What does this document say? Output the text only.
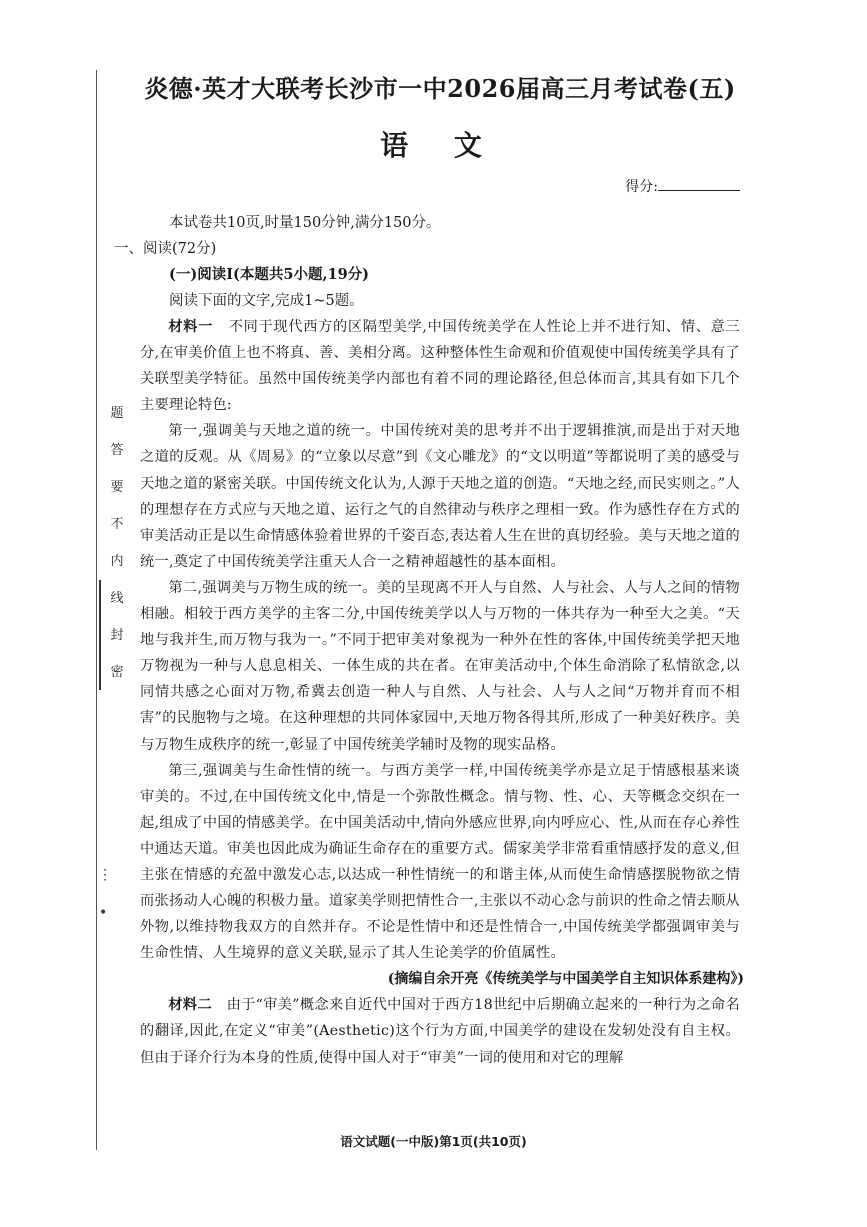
题
答
要
不
内
线
封
密
⋮
•
炎德·英才大联考长沙市一中2026届高三月考试卷(五)
语 文
得分:
本试卷共10页,时量150分钟,满分150分。
一、阅读(72分)
(一)阅读Ⅰ(本题共5小题,19分)
阅读下面的文字,完成1~5题。

材料一 不同于现代西方的区隔型美学,中国传统美学在人性论上并不进行知、情、意三分,在审美价值上也不将真、善、美相分离。这种整体性生命观和价值观使中国传统美学具有了关联型美学特征。虽然中国传统美学内部也有着不同的理论路径,但总体而言,其具有如下几个主要理论特色:

第一,强调美与天地之道的统一。中国传统对美的思考并不出于逻辑推演,而是出于对天地之道的反观。从《周易》的“立象以尽意”到《文心雕龙》的“文以明道”等都说明了美的感受与天地之道的紧密关联。中国传统文化认为,人源于天地之道的创造。“天地之经,而民实则之。”人的理想存在方式应与天地之道、运行之气的自然律动与秩序之理相一致。作为感性存在方式的审美活动正是以生命情感体验着世界的千姿百态,表达着人生在世的真切经验。美与天地之道的统一,奠定了中国传统美学注重天人合一之精神超越性的基本面相。

第二,强调美与万物生成的统一。美的呈现离不开人与自然、人与社会、人与人之间的情物相融。相较于西方美学的主客二分,中国传统美学以人与万物的一体共存为一种至大之美。“天地与我并生,而万物与我为一。”不同于把审美对象视为一种外在性的客体,中国传统美学把天地万物视为一种与人息息相关、一体生成的共在者。在审美活动中,个体生命消除了私情欲念,以同情共感之心面对万物,希冀去创造一种人与自然、人与社会、人与人之间“万物并育而不相害”的民胞物与之境。在这种理想的共同体家园中,天地万物各得其所,形成了一种美好秩序。美与万物生成秩序的统一,彰显了中国传统美学辅时及物的现实品格。

第三,强调美与生命性情的统一。与西方美学一样,中国传统美学亦是立足于情感根基来谈审美的。不过,在中国传统文化中,情是一个弥散性概念。情与物、性、心、天等概念交织在一起,组成了中国的情感美学。在中国美活动中,情向外感应世界,向内呼应心、性,从而在存心养性中通达天道。审美也因此成为确证生命存在的重要方式。儒家美学非常看重情感抒发的意义,但主张在情感的充盈中激发心志,以达成一种性情统一的和谐主体,从而使生命情感摆脱物欲之情而张扬动人心魄的积极力量。道家美学则把情性合一,主张以不动心念与前识的性命之情去顺从外物,以维持物我双方的自然并存。不论是性情中和还是性情合一,中国传统美学都强调审美与生命性情、人生境界的意义关联,显示了其人生论美学的价值属性。

(摘编自余开亮《传统美学与中国美学自主知识体系建构》)

材料二 由于“审美”概念来自近代中国对于西方18世纪中后期确立起来的一种行为之命名的翻译,因此,在定义“审美”(Aesthetic)这个行为方面,中国美学的建设在发轫处没有自主权。但由于译介行为本身的性质,使得中国人对于“审美”一词的使用和对它的理解

语文试题(一中版)第1页(共10页)
